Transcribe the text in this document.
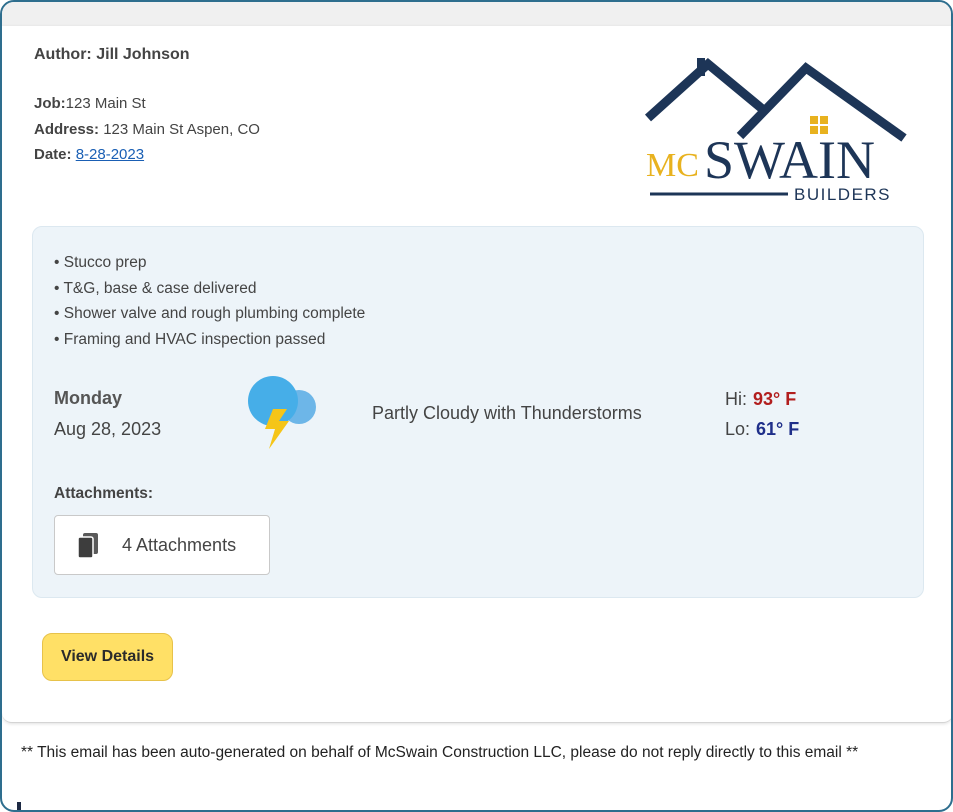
Author: Jill Johnson
Job:123 Main St
Address: 123 Main St Aspen, CO
Date: 8-28-2023	MC SWAIN
BUILDERS
• Stucco prep
• T&G, base & case delivered
• Shower valve and rough plumbing complete
• Framing and HVAC inspection passed
Monday
Aug 28, 2023
Partly Cloudy with Thunderstorms
Hi: 93° F
Lo: 61° F
Attachments:
4 Attachments
View Details
** This email has been auto-generated on behalf of McSwain Construction LLC, please do not reply directly to this email **
